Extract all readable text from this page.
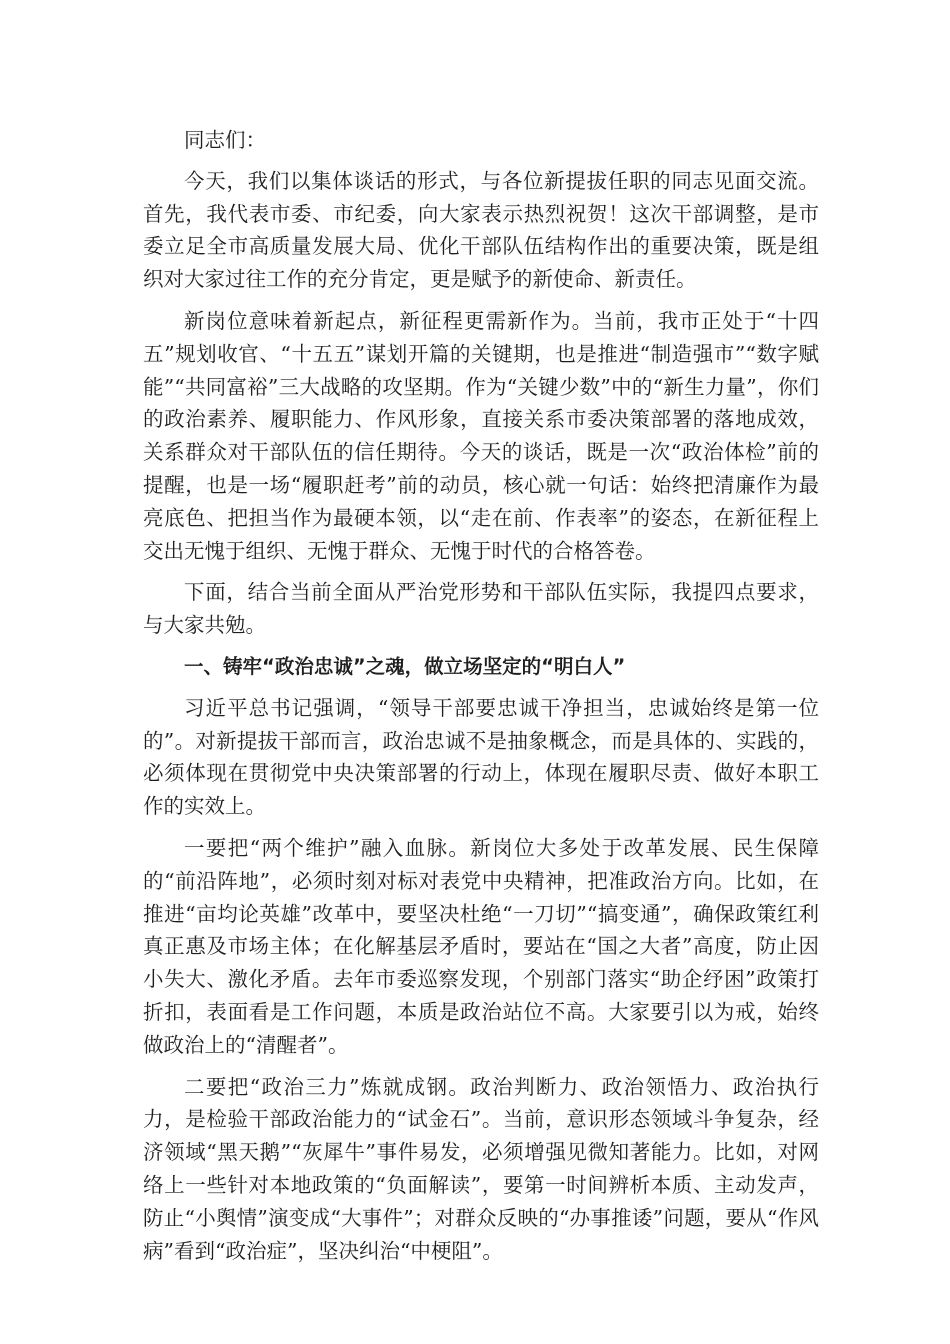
同志们：

今天，我们以集体谈话的形式，与各位新提拔任职的同志见面交流。首先，我代表市委、市纪委，向大家表示热烈祝贺！这次干部调整，是市委立足全市高质量发展大局、优化干部队伍结构作出的重要决策，既是组织对大家过往工作的充分肯定，更是赋予的新使命、新责任。

新岗位意味着新起点，新征程更需新作为。当前，我市正处于“十四五”规划收官、“十五五”谋划开篇的关键期，也是推进“制造强市”“数字赋能”“共同富裕”三大战略的攻坚期。作为“关键少数”中的“新生力量”，你们的政治素养、履职能力、作风形象，直接关系市委决策部署的落地成效，关系群众对干部队伍的信任期待。今天的谈话，既是一次“政治体检”前的提醒，也是一场“履职赶考”前的动员，核心就一句话：始终把清廉作为最亮底色、把担当作为最硬本领，以“走在前、作表率”的姿态，在新征程上交出无愧于组织、无愧于群众、无愧于时代的合格答卷。

下面，结合当前全面从严治党形势和干部队伍实际，我提四点要求，与大家共勉。

一、铸牢“政治忠诚”之魂，做立场坚定的“明白人”

习近平总书记强调，“领导干部要忠诚干净担当，忠诚始终是第一位的”。对新提拔干部而言，政治忠诚不是抽象概念，而是具体的、实践的，必须体现在贯彻党中央决策部署的行动上，体现在履职尽责、做好本职工作的实效上。

一要把“两个维护”融入血脉。新岗位大多处于改革发展、民生保障的“前沿阵地”，必须时刻对标对表党中央精神，把准政治方向。比如，在推进“亩均论英雄”改革中，要坚决杜绝“一刀切”“搞变通”，确保政策红利真正惠及市场主体；在化解基层矛盾时，要站在“国之大者”高度，防止因小失大、激化矛盾。去年市委巡察发现，个别部门落实“助企纾困”政策打折扣，表面看是工作问题，本质是政治站位不高。大家要引以为戒，始终做政治上的“清醒者”。

二要把“政治三力”炼就成钢。政治判断力、政治领悟力、政治执行力，是检验干部政治能力的“试金石”。当前，意识形态领域斗争复杂，经济领域“黑天鹅”“灰犀牛”事件易发，必须增强见微知著能力。比如，对网络上一些针对本地政策的“负面解读”，要第一时间辨析本质、主动发声，防止“小舆情”演变成“大事件”；对群众反映的“办事推诿”问题，要从“作风病”看到“政治症”，坚决纠治“中梗阻”。
